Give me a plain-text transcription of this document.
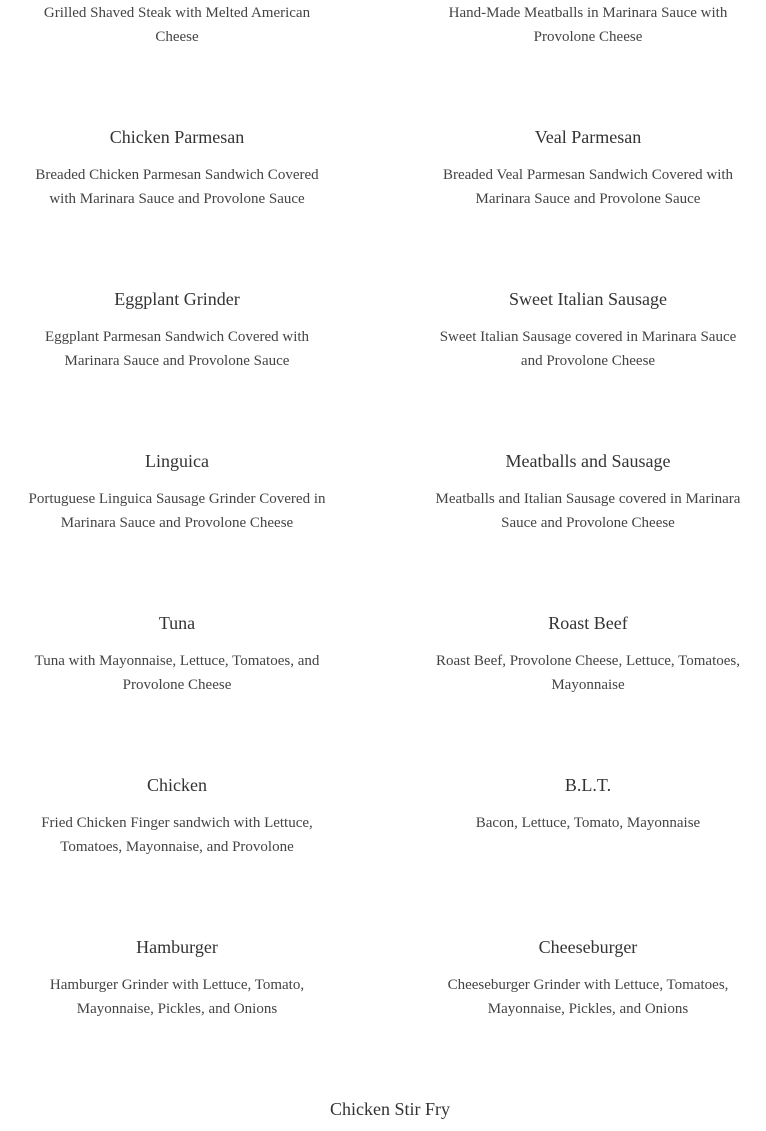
Grilled Shaved Steak with Melted American Cheese

Hand-Made Meatballs in Marinara Sauce with Provolone Cheese

Chicken Parmesan

Breaded Chicken Parmesan Sandwich Covered with Marinara Sauce and Provolone Sauce

Veal Parmesan

Breaded Veal Parmesan Sandwich Covered with Marinara Sauce and Provolone Sauce

Eggplant Grinder

Eggplant Parmesan Sandwich Covered with Marinara Sauce and Provolone Sauce

Sweet Italian Sausage

Sweet Italian Sausage covered in Marinara Sauce and Provolone Cheese

Linguica

Portuguese Linguica Sausage Grinder Covered in Marinara Sauce and Provolone Cheese

Meatballs and Sausage

Meatballs and Italian Sausage covered in Marinara Sauce and Provolone Cheese

Tuna

Tuna with Mayonnaise, Lettuce, Tomatoes, and Provolone Cheese

Roast Beef

Roast Beef, Provolone Cheese, Lettuce, Tomatoes, Mayonnaise

Chicken

Fried Chicken Finger sandwich with Lettuce, Tomatoes, Mayonnaise, and Provolone

B.L.T.

Bacon, Lettuce, Tomato, Mayonnaise

Hamburger

Hamburger Grinder with Lettuce, Tomato, Mayonnaise, Pickles, and Onions

Cheeseburger

Cheeseburger Grinder with Lettuce, Tomatoes, Mayonnaise, Pickles, and Onions

Chicken Stir Fry
